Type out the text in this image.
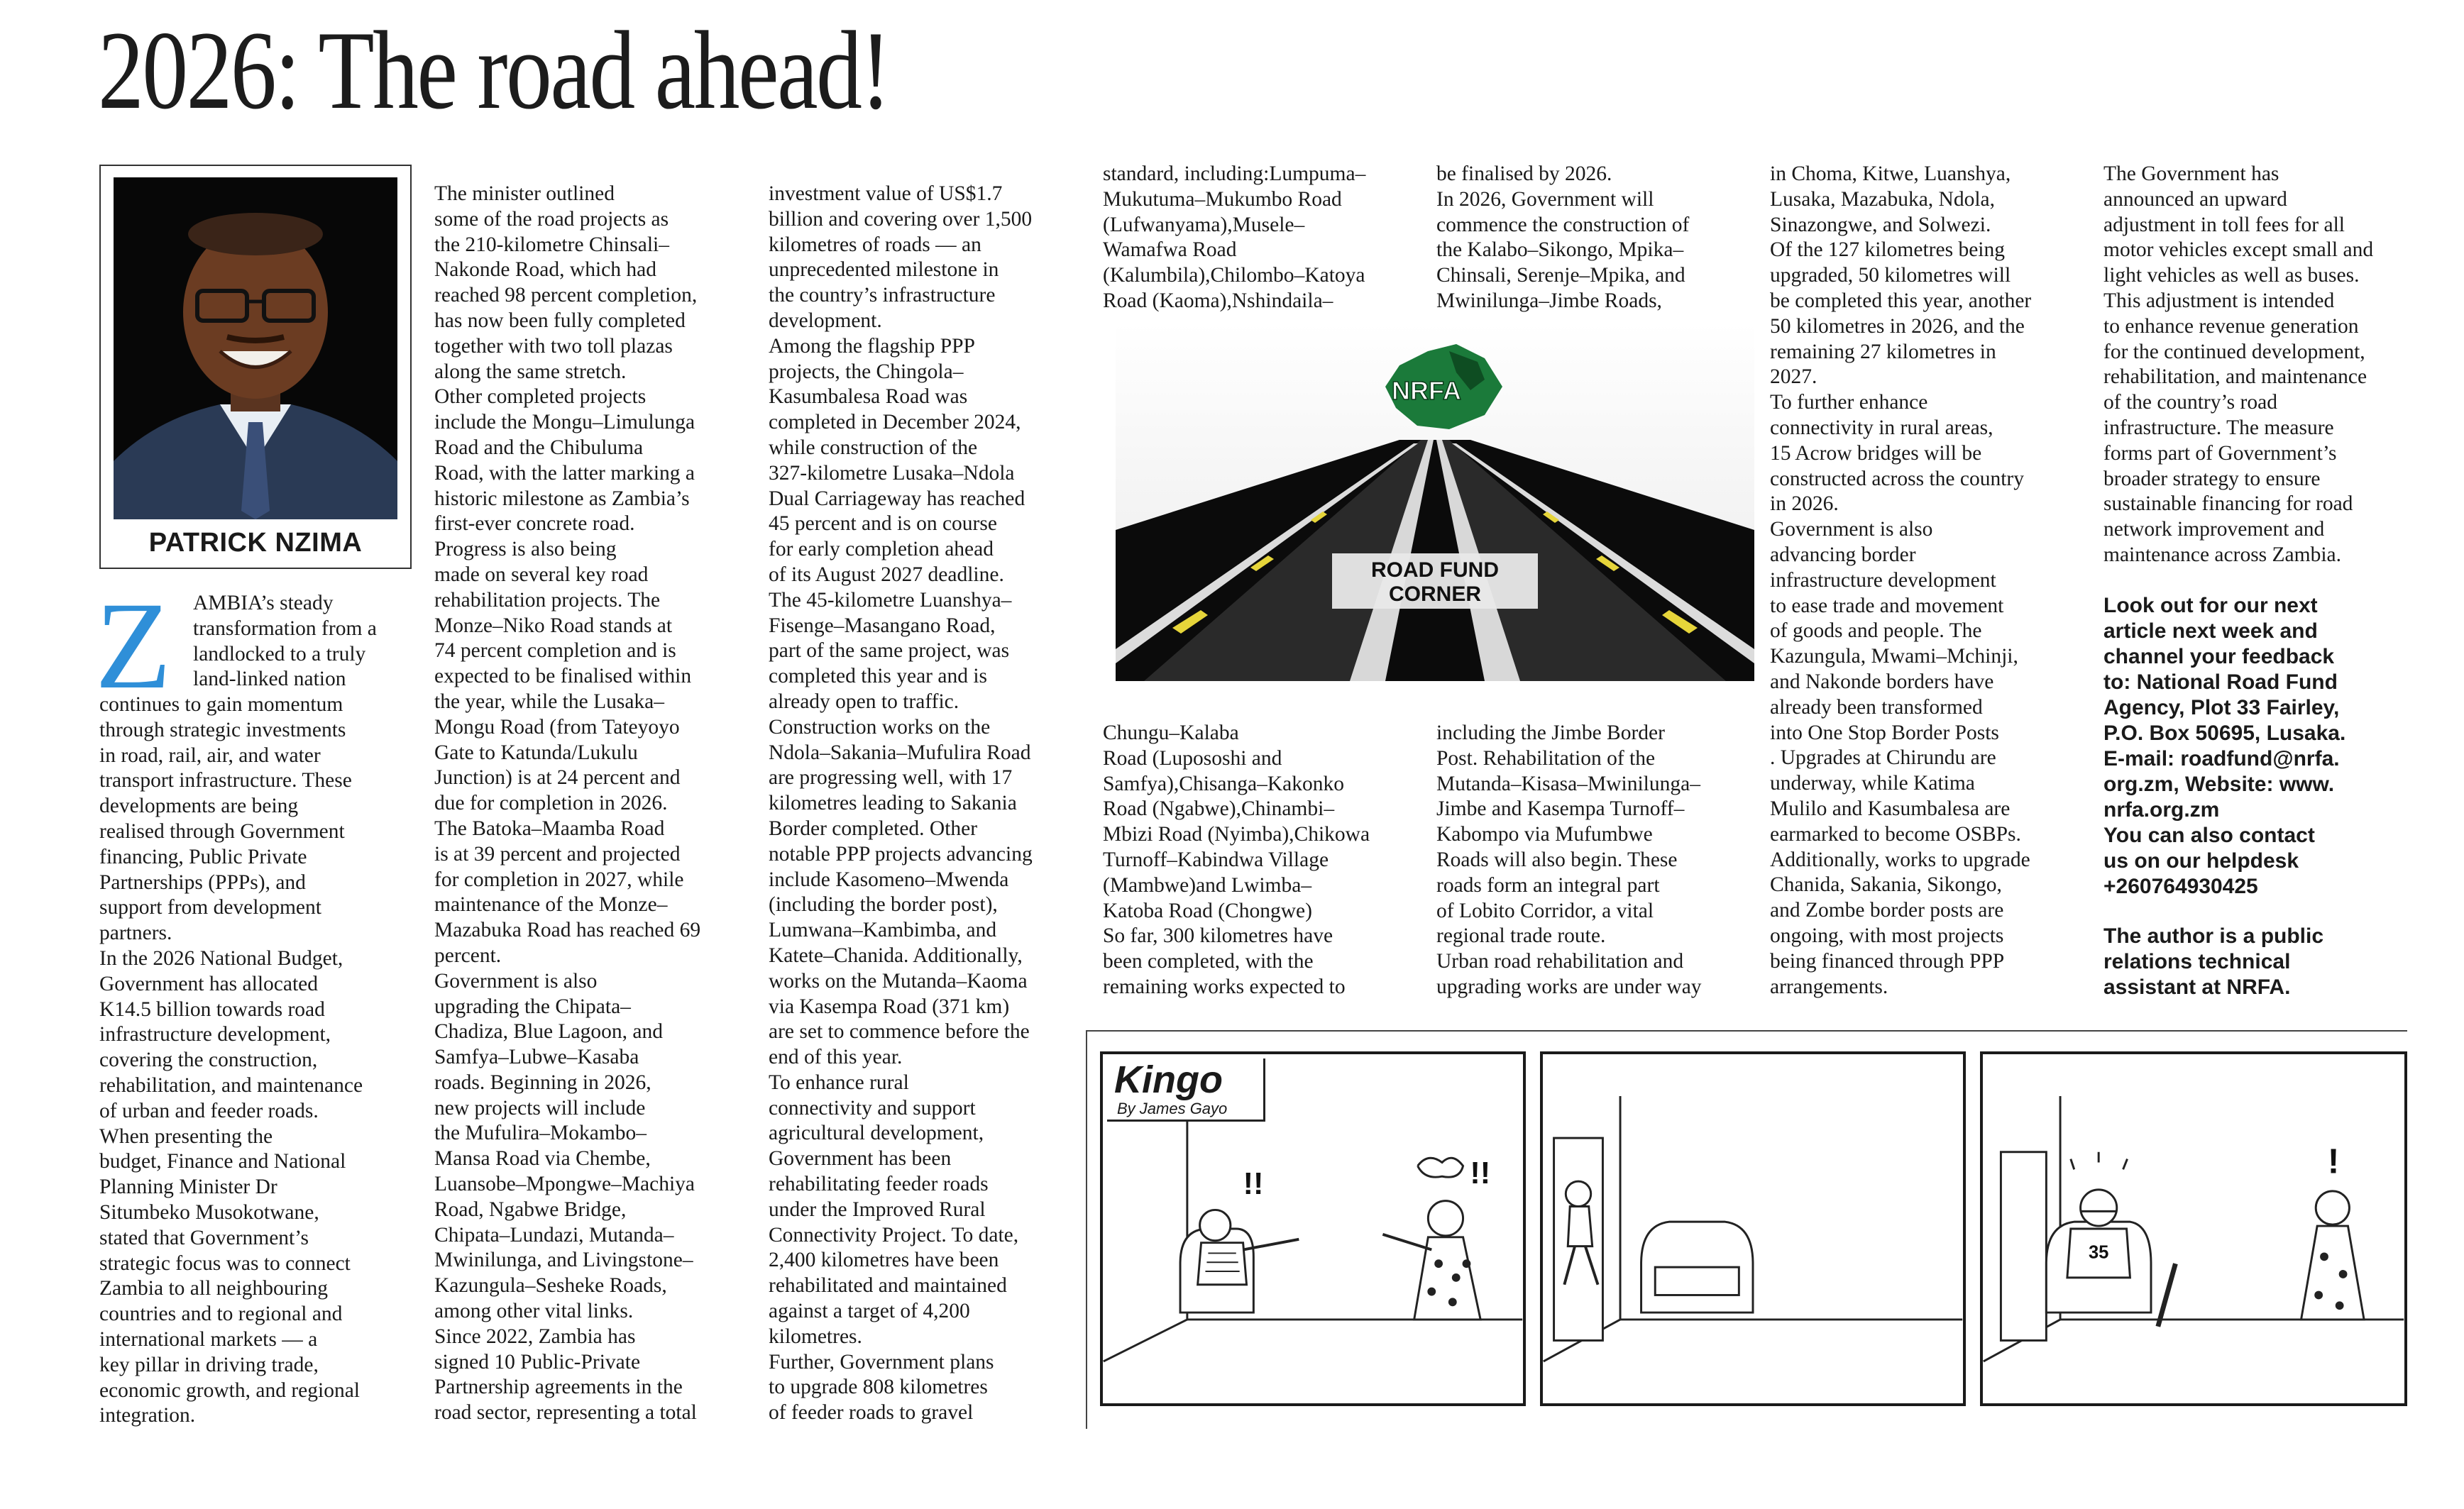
2026: The road ahead!
PATRICK NZIMA
Z AMBIA’s steady
transformation from a
landlocked to a truly
land-linked nation
continues to gain momentum
through strategic investments
in road, rail, air, and water
transport infrastructure. These
developments are being
realised through Government
financing, Public Private
Partnerships (PPPs), and
support from development
partners.
In the 2026 National Budget,
Government has allocated
K14.5 billion towards road
infrastructure development,
covering the construction,
rehabilitation, and maintenance
of urban and feeder roads.
When presenting the
budget, Finance and National
Planning Minister Dr
Situmbeko Musokotwane,
stated that Government’s
strategic focus was to connect
Zambia to all neighbouring
countries and to regional and
international markets — a
key pillar in driving trade,
economic growth, and regional
integration.
The minister outlined
some of the road projects as
the 210-kilometre Chinsali–
Nakonde Road, which had
reached 98 percent completion,
has now been fully completed
together with two toll plazas
along the same stretch.
Other completed projects
include the Mongu–Limulunga
Road and the Chibuluma
Road, with the latter marking a
historic milestone as Zambia’s
first-ever concrete road.
Progress is also being
made on several key road
rehabilitation projects. The
Monze–Niko Road stands at
74 percent completion and is
expected to be finalised within
the year, while the Lusaka–
Mongu Road (from Tateyoyo
Gate to Katunda/Lukulu
Junction) is at 24 percent and
due for completion in 2026.
The Batoka–Maamba Road
is at 39 percent and projected
for completion in 2027, while
maintenance of the Monze–
Mazabuka Road has reached 69
percent.
Government is also
upgrading the Chipata–
Chadiza, Blue Lagoon, and
Samfya–Lubwe–Kasaba
roads. Beginning in 2026,
new projects will include
the Mufulira–Mokambo–
Mansa Road via Chembe,
Luansobe–Mpongwe–Machiya
Road, Ngabwe Bridge,
Chipata–Lundazi, Mutanda–
Mwinilunga, and Livingstone–
Kazungula–Sesheke Roads,
among other vital links.
Since 2022, Zambia has
signed 10 Public-Private
Partnership agreements in the
road sector, representing a total
investment value of US$1.7
billion and covering over 1,500
kilometres of roads — an
unprecedented milestone in
the country’s infrastructure
development.
Among the flagship PPP
projects, the Chingola–
Kasumbalesa Road was
completed in December 2024,
while construction of the
327-kilometre Lusaka–Ndola
Dual Carriageway has reached
45 percent and is on course
for early completion ahead
of its August 2027 deadline.
The 45-kilometre Luanshya–
Fisenge–Masangano Road,
part of the same project, was
completed this year and is
already open to traffic.
Construction works on the
Ndola–Sakania–Mufulira Road
are progressing well, with 17
kilometres leading to Sakania
Border completed. Other
notable PPP projects advancing
include Kasomeno–Mwenda
(including the border post),
Lumwana–Kambimba, and
Katete–Chanida. Additionally,
works on the Mutanda–Kaoma
via Kasempa Road (371 km)
are set to commence before the
end of this year.
To enhance rural
connectivity and support
agricultural development,
Government has been
rehabilitating feeder roads
under the Improved Rural
Connectivity Project. To date,
2,400 kilometres have been
rehabilitated and maintained
against a target of 4,200
kilometres.
Further, Government plans
to upgrade 808 kilometres
of feeder roads to gravel
standard, including:Lumpuma–
Mukutuma–Mukumbo Road
(Lufwanyama),Musele–
Wamafwa Road
(Kalumbila),Chilombo–Katoya
Road (Kaoma),Nshindaila–
Chungu–Kalaba
Road (Lupososhi and
Samfya),Chisanga–Kakonko
Road (Ngabwe),Chinambi–
Mbizi Road (Nyimba),Chikowa
Turnoff–Kabindwa Village
(Mambwe)and Lwimba–
Katoba Road (Chongwe)
So far, 300 kilometres have
been completed, with the
remaining works expected to
be finalised by 2026.
In 2026, Government will
commence the construction of
the Kalabo–Sikongo, Mpika–
Chinsali, Serenje–Mpika, and
Mwinilunga–Jimbe Roads,
including the Jimbe Border
Post. Rehabilitation of the
Mutanda–Kisasa–Mwinilunga–
Jimbe and Kasempa Turnoff–
Kabompo via Mufumbwe
Roads will also begin. These
roads form an integral part
of Lobito Corridor, a vital
regional trade route.
Urban road rehabilitation and
upgrading works are under way
in Choma, Kitwe, Luanshya,
Lusaka, Mazabuka, Ndola,
Sinazongwe, and Solwezi.
Of the 127 kilometres being
upgraded, 50 kilometres will
be completed this year, another
50 kilometres in 2026, and the
remaining 27 kilometres in
2027.
To further enhance
connectivity in rural areas,
15 Acrow bridges will be
constructed across the country
in 2026.
Government is also
advancing border
infrastructure development
to ease trade and movement
of goods and people. The
Kazungula, Mwami–Mchinji,
and Nakonde borders have
already been transformed
into One Stop Border Posts
. Upgrades at Chirundu are
underway, while Katima
Mulilo and Kasumbalesa are
earmarked to become OSBPs.
Additionally, works to upgrade
Chanida, Sakania, Sikongo,
and Zombe border posts are
ongoing, with most projects
being financed through PPP
arrangements.
The Government has
announced an upward
adjustment in toll fees for all
motor vehicles except small and
light vehicles as well as buses.
This adjustment is intended
to enhance revenue generation
for the continued development,
rehabilitation, and maintenance
of the country’s road
infrastructure. The measure
forms part of Government’s
broader strategy to ensure
sustainable financing for road
network improvement and
maintenance across Zambia.
Look out for our next
article next week and
channel your feedback
to: National Road Fund
Agency, Plot 33 Fairley,
P.O. Box 50695, Lusaka.
E-mail: roadfund@nrfa.
org.zm, Website: www.
nrfa.org.zm
You can also contact
us on our helpdesk
+260764930425
The author is a public
relations technical
assistant at NRFA.
NRFA
ROAD FUND
CORNER
!!	!!
Kingo
By James Gayo
35
!
